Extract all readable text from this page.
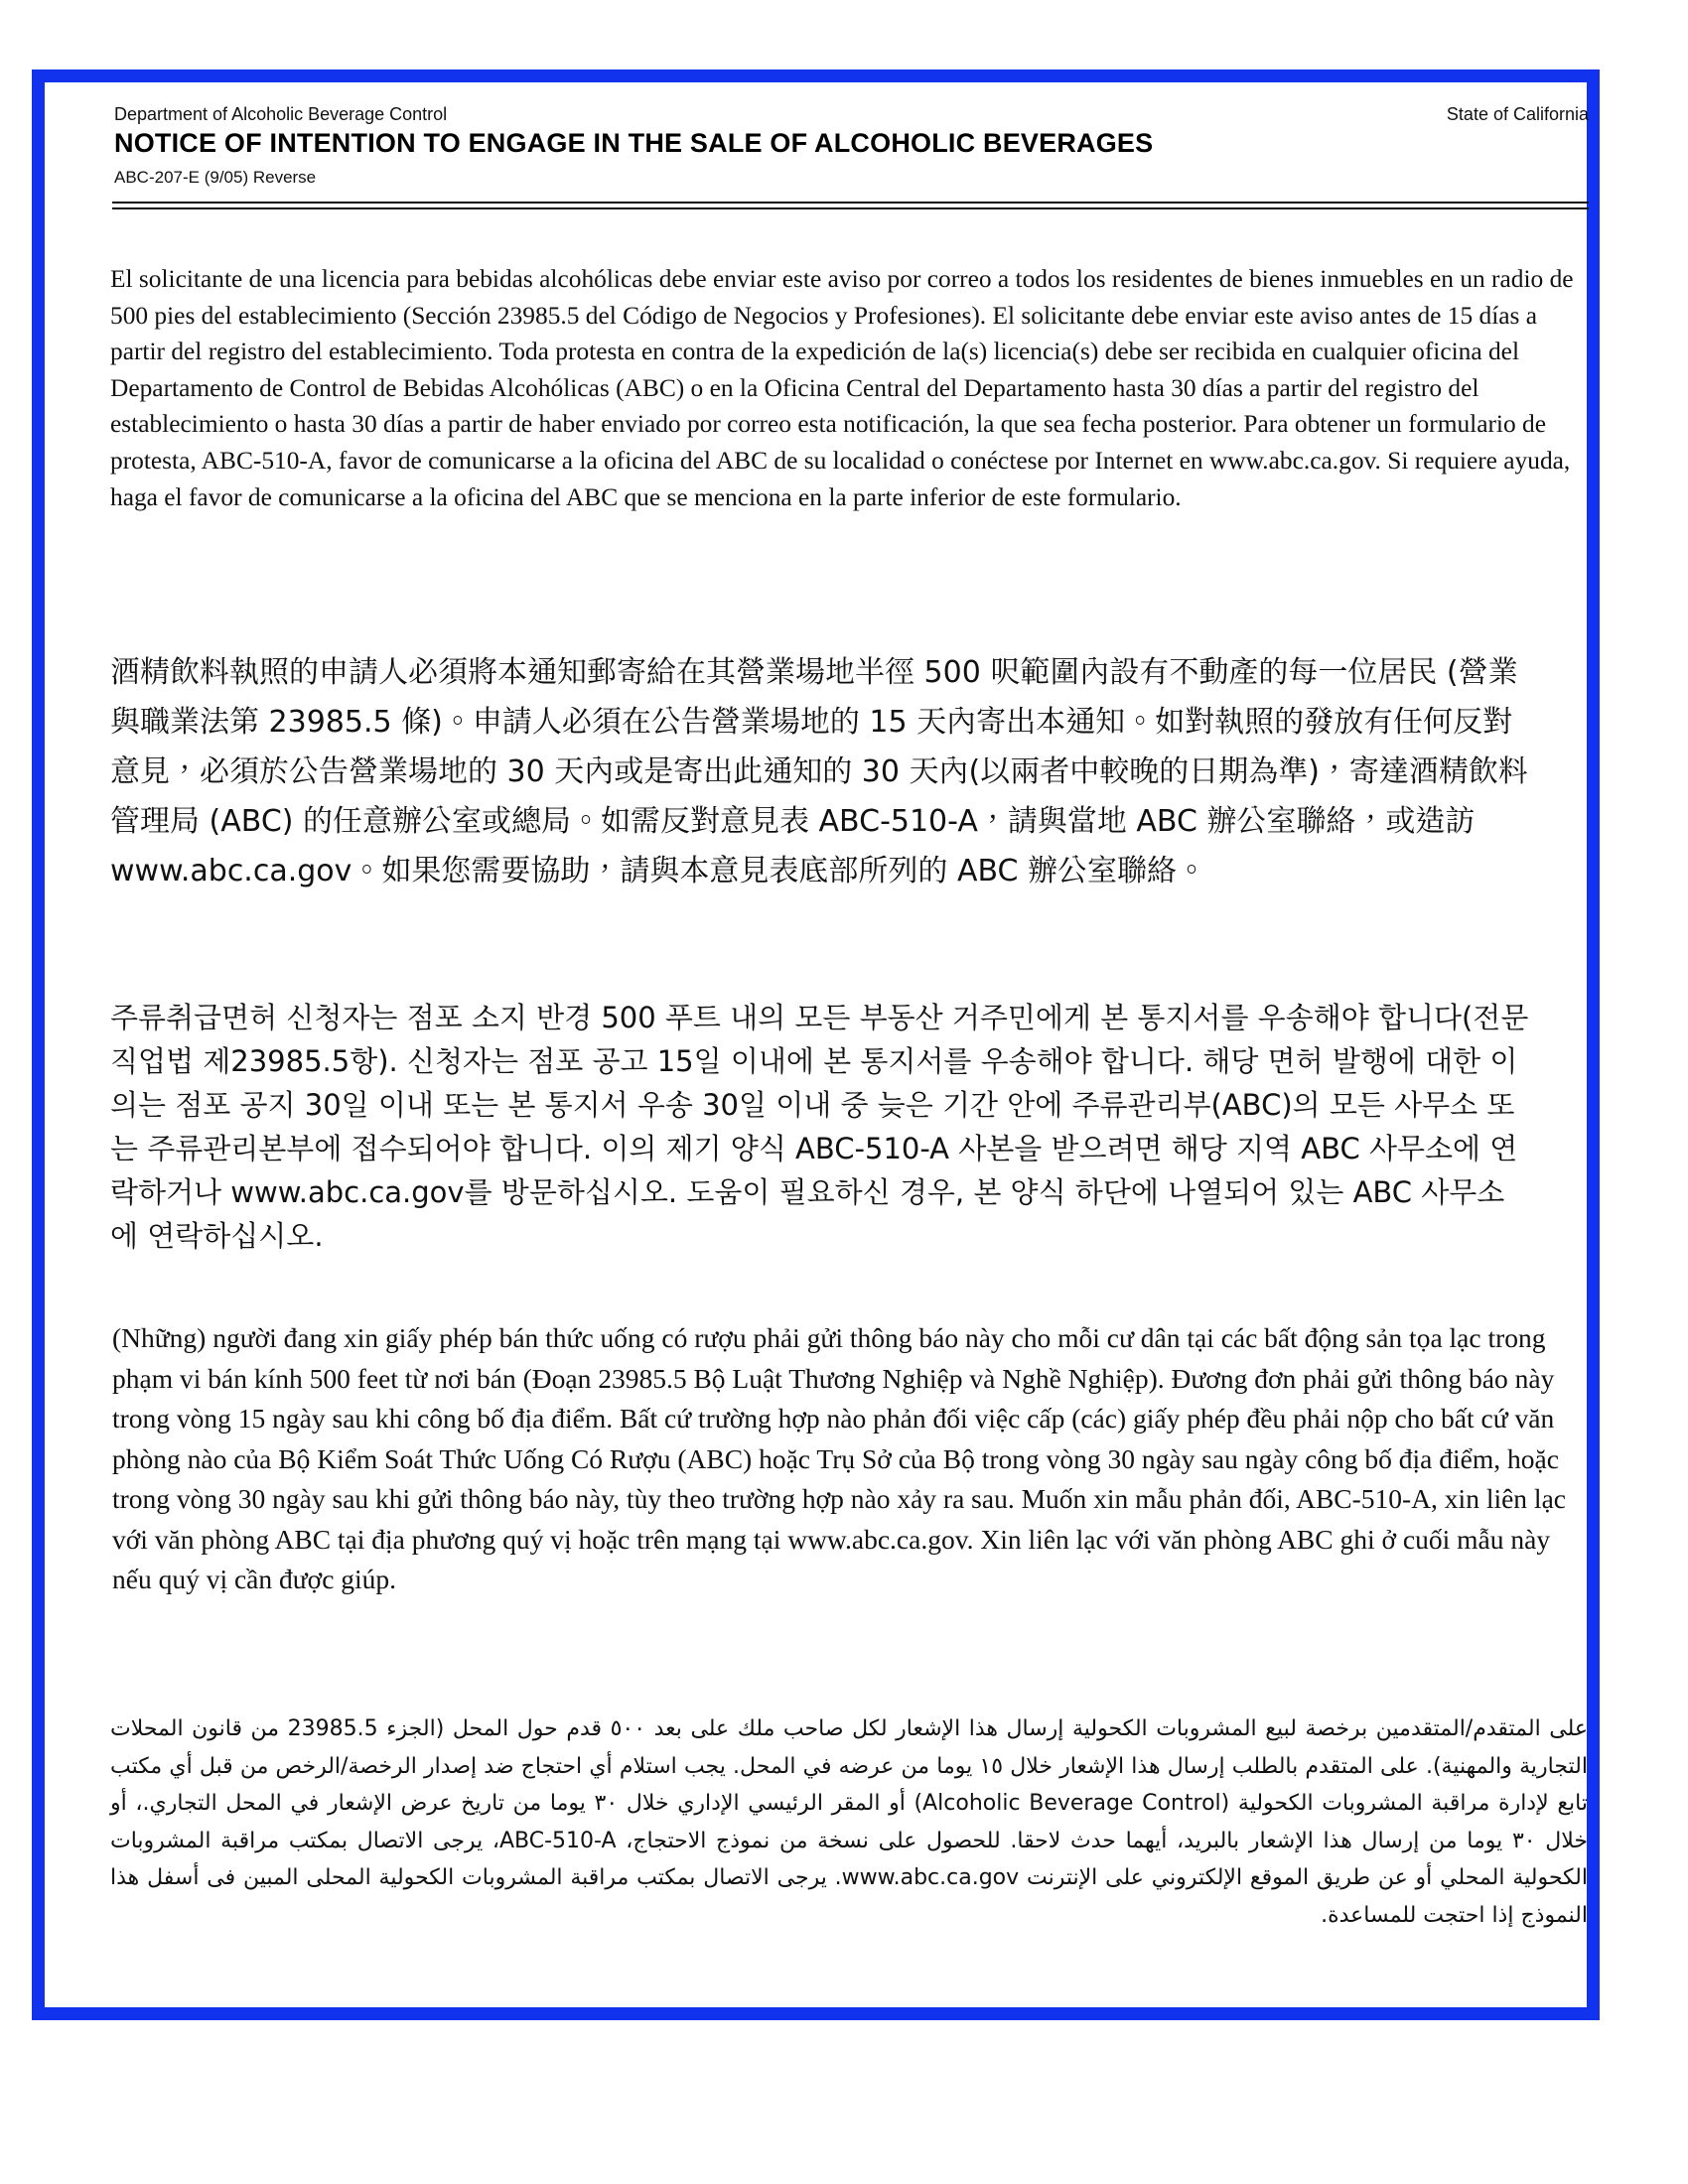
Department of Alcoholic Beverage Control	State of California
NOTICE OF INTENTION TO ENGAGE IN THE SALE OF ALCOHOLIC BEVERAGES
ABC-207-E (9/05) Reverse

El solicitante de una licencia para bebidas alcohólicas debe enviar este aviso por correo a todos los residentes de bienes inmuebles en un radio de 500 pies del establecimiento (Sección 23985.5 del Código de Negocios y Profesiones). El solicitante debe enviar este aviso antes de 15 días a partir del registro del establecimiento. Toda protesta en contra de la expedición de la(s) licencia(s) debe ser recibida en cualquier oficina del Departamento de Control de Bebidas Alcohólicas (ABC) o en la Oficina Central del Departamento hasta 30 días a partir del registro del establecimiento o hasta 30 días a partir de haber enviado por correo esta notificación, la que sea fecha posterior. Para obtener un formulario de protesta, ABC-510-A, favor de comunicarse a la oficina del ABC de su localidad o conéctese por Internet en www.abc.ca.gov. Si requiere ayuda, haga el favor de comunicarse a la oficina del ABC que se menciona en la parte inferior de este formulario.

酒精飲料執照的申請人必須將本通知郵寄給在其營業場地半徑 500 呎範圍內設有不動產的每一位居民 (營業與職業法第 23985.5 條)。申請人必須在公告營業場地的 15 天內寄出本通知。如對執照的發放有任何反對意見，必須於公告營業場地的 30 天內或是寄出此通知的 30 天內(以兩者中較晚的日期為準)，寄達酒精飲料管理局 (ABC) 的任意辦公室或總局。如需反對意見表 ABC-510-A，請與當地 ABC 辦公室聯絡，或造訪 www.abc.ca.gov。如果您需要協助，請與本意見表底部所列的 ABC 辦公室聯絡。

주류취급면허 신청자는 점포 소지 반경 500 푸트 내의 모든 부동산 거주민에게 본 통지서를 우송해야 합니다(전문직업법 제23985.5항). 신청자는 점포 공고 15일 이내에 본 통지서를 우송해야 합니다. 해당 면허 발행에 대한 이의는 점포 공지 30일 이내 또는 본 통지서 우송 30일 이내 중 늦은 기간 안에 주류관리부(ABC)의 모든 사무소 또는 주류관리본부에 접수되어야 합니다. 이의 제기 양식 ABC-510-A 사본을 받으려면 해당 지역 ABC 사무소에 연락하거나 www.abc.ca.gov를 방문하십시오. 도움이 필요하신 경우, 본 양식 하단에 나열되어 있는 ABC 사무소에 연락하십시오.

(Những) người đang xin giấy phép bán thức uống có rượu phải gửi thông báo này cho mỗi cư dân tại các bất động sản tọa lạc trong phạm vi bán kính 500 feet từ nơi bán (Đoạn 23985.5 Bộ Luật Thương Nghiệp và Nghề Nghiệp). Đương đơn phải gửi thông báo này trong vòng 15 ngày sau khi công bố địa điểm. Bất cứ trường hợp nào phản đối việc cấp (các) giấy phép đều phải nộp cho bất cứ văn phòng nào của Bộ Kiểm Soát Thức Uống Có Rượu (ABC) hoặc Trụ Sở của Bộ trong vòng 30 ngày sau ngày công bố địa điểm, hoặc trong vòng 30 ngày sau khi gửi thông báo này, tùy theo trường hợp nào xảy ra sau. Muốn xin mẫu phản đối, ABC-510-A, xin liên lạc với văn phòng ABC tại địa phương quý vị hoặc trên mạng tại www.abc.ca.gov. Xin liên lạc với văn phòng ABC ghi ở cuối mẫu này nếu quý vị cần được giúp.

على المتقدم/المتقدمين برخصة لبيع المشروبات الكحولية إرسال هذا الإشعار لكل صاحب ملك على بعد ٥٠٠ قدم حول المحل (الجزء 23985.5 من قانون المحلات التجارية والمهنية). على المتقدم بالطلب إرسال هذا الإشعار خلال ١٥ يوما من عرضه في المحل. يجب استلام أي احتجاج ضد إصدار الرخصة/الرخص من قبل أي مكتب تابع لإدارة مراقبة المشروبات الكحولية (Alcoholic Beverage Control) أو المقر الرئيسي الإداري خلال ٣٠ يوما من تاريخ عرض الإشعار في المحل التجاري.، أو خلال ٣٠ يوما من إرسال هذا الإشعار بالبريد، أيهما حدث لاحقا. للحصول على نسخة من نموذج الاحتجاج، ABC-510-A، يرجى الاتصال بمكتب مراقبة المشروبات الكحولية المحلي أو عن طريق الموقع الإلكتروني على الإنترنت www.abc.ca.gov. يرجى الاتصال بمكتب مراقبة المشروبات الكحولية المحلى المبين فى أسفل هذا النموذج إذا احتجت للمساعدة.
